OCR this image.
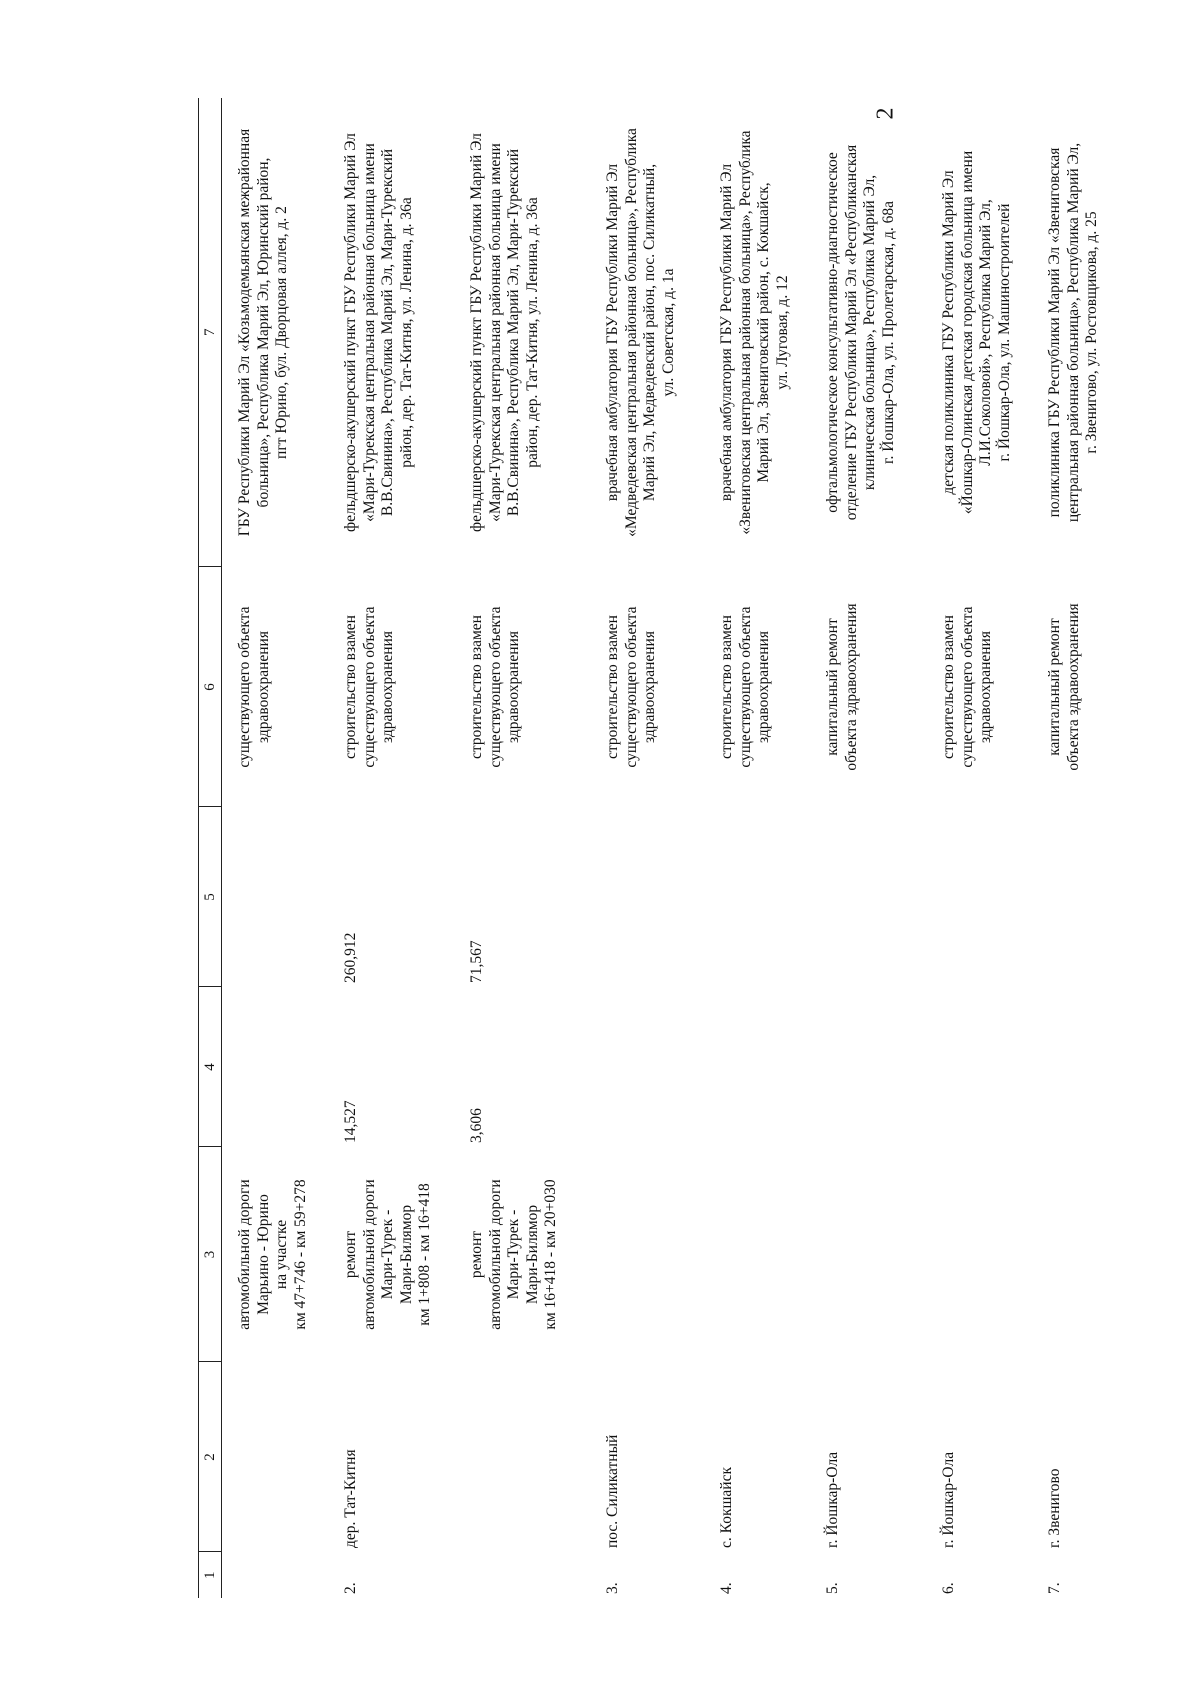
2
1	2	3	4	5	6	7
		автомобильной дороги
Марьино - Юрино
на участке
км 47+746 - км 59+278			существующего объекта
здравоохранения	ГБУ Республики Марий Эл «Козьмодемьянская межрайонная
больница», Республика Марий Эл, Юринский район,
пгт Юрино, бул. Дворцовая аллея, д. 2
2.	дер. Тат-Китня	ремонт
автомобильной дороги
Мари-Турек -
Мари-Билямор
км 1+808 - км 16+418	14,527	260,912	строительство взамен
существующего объекта
здравоохранения	фельдшерско-акушерский пункт ГБУ Республики Марий Эл
«Мари-Турекская центральная районная больница имени
В.В.Свинина», Республика Марий Эл, Мари-Турекский
район, дер. Тат-Китня, ул. Ленина, д. 36а
		ремонт
автомобильной дороги
Мари-Турек -
Мари-Билямор
км 16+418 - км 20+030	3,606	71,567	строительство взамен
существующего объекта
здравоохранения	фельдшерско-акушерский пункт ГБУ Республики Марий Эл
«Мари-Турекская центральная районная больница имени
В.В.Свинина», Республика Марий Эл, Мари-Турекский
район, дер. Тат-Китня, ул. Ленина, д. 36а
3.	пос. Силикатный				строительство взамен
существующего объекта
здравоохранения	врачебная амбулатория ГБУ Республики Марий Эл
«Медведевская центральная районная больница», Республика
Марий Эл, Медведевский район, пос. Силикатный,
ул. Советская, д. 1а
4.	с. Кокшайск				строительство взамен
существующего объекта
здравоохранения	врачебная амбулатория ГБУ Республики Марий Эл
«Звениговская центральная районная больница», Республика
Марий Эл, Звениговский район, с. Кокшайск,
ул. Луговая, д. 12
5.	г. Йошкар-Ола				капитальный ремонт
объекта здравоохранения	офтальмологическое консультативно-диагностическое
отделение ГБУ Республики Марий Эл «Республиканская
клиническая больница», Республика Марий Эл,
г. Йошкар-Ола, ул. Пролетарская, д. 68а
6.	г. Йошкар-Ола				строительство взамен
существующего объекта
здравоохранения	детская поликлиника ГБУ Республики Марий Эл
«Йошкар-Олинская детская городская больница имени
Л.И.Соколовой», Республика Марий Эл,
г. Йошкар-Ола, ул. Машиностроителей
7.	г. Звенигово				капитальный ремонт
объекта здравоохранения	поликлиника ГБУ Республики Марий Эл «Звениговская
центральная районная больница», Республика Марий Эл,
г. Звенигово, ул. Ростовщикова, д. 25
